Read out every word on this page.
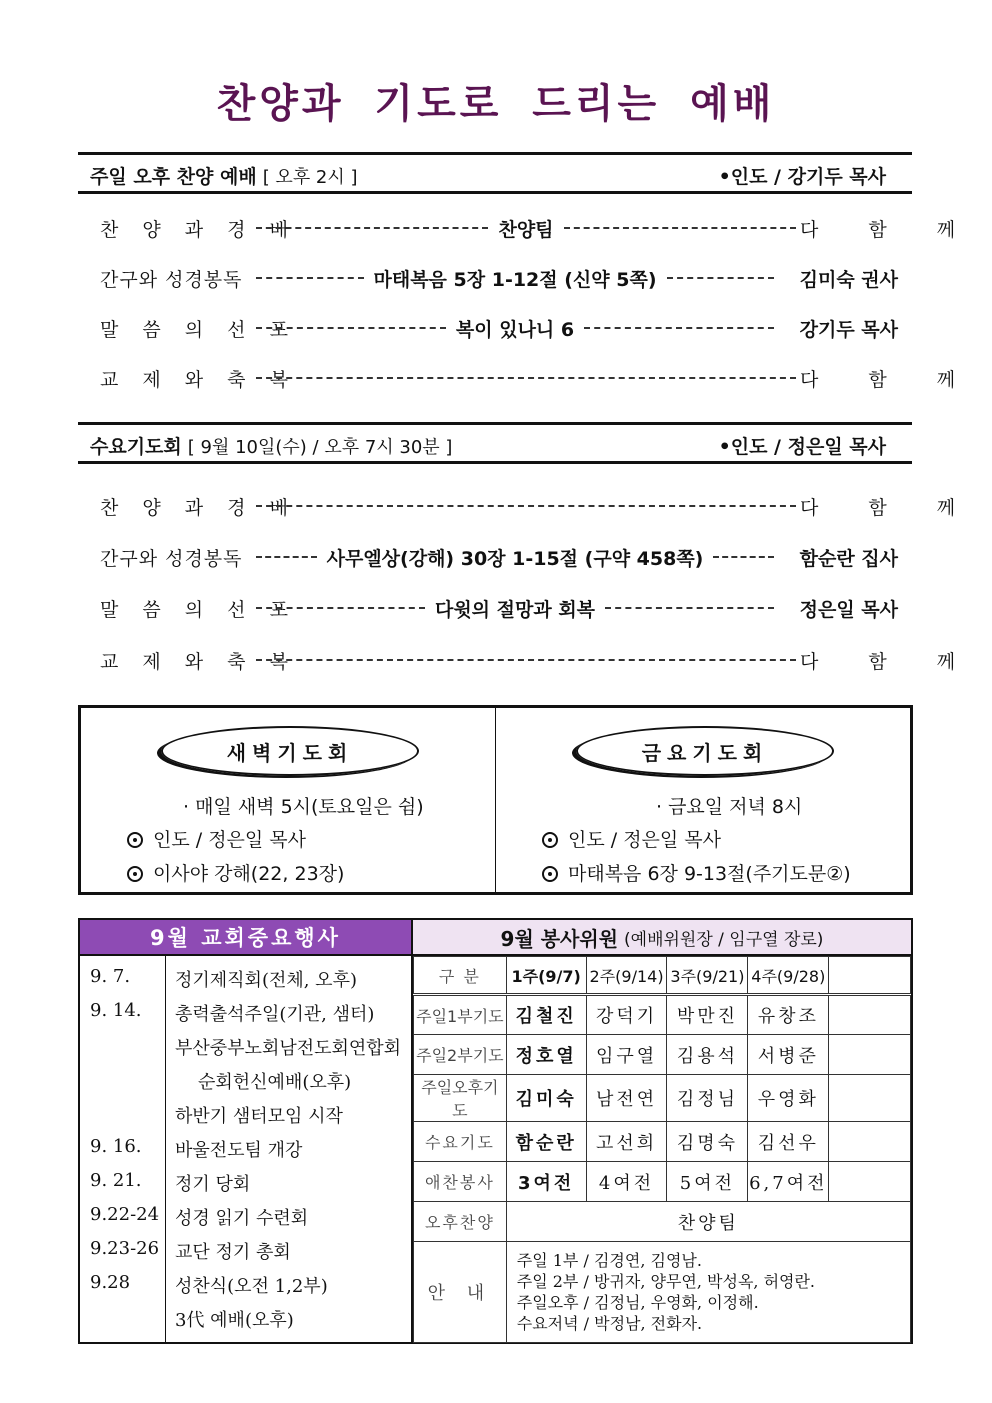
찬양과 기도로 드리는 예배
주일 오후 찬양 예배 [ 오후 2시 ]	•인도 / 강기두 목사
찬 양 과 경 배	찬양팀	다 함 께
간구와 성경봉독	마태복음 5장 1-12절 (신약 5쪽)	김미숙 권사
말 씀 의 선 포	복이 있나니 6	강기두 목사
교 제 와 축 복	다 함 께
수요기도회 [ 9월 10일(수) / 오후 7시 30분 ]	•인도 / 정은일 목사
찬 양 과 경 배	다 함 께
간구와 성경봉독	사무엘상(강해) 30장 1-15절 (구약 458쪽)	함순란 집사
말 씀 의 선 포	다윗의 절망과 회복	정은일 목사
교 제 와 축 복	다 함 께
새벽기도회
· 매일 새벽 5시(토요일은 쉼)
인도 / 정은일 목사
이사야 강해(22, 23장)
금요기도회
· 금요일 저녁 8시
인도 / 정은일 목사
마태복음 6장 9-13절(주기도문②)
9월 교회중요행사
9. 7. 정기제직회(전체, 오후)
9. 14. 총력출석주일(기관, 샘터)
부산중부노회남전도회연합회
순회헌신예배(오후)
하반기 샘터모임 시작
9. 16. 바울전도팀 개강
9. 21. 정기 당회
9.22-24 성경 읽기 수련회
9.23-26 교단 정기 총회
9.28 성찬식(오전 1,2부)
3代 예배(오후)
9월 봉사위원 (예배위원장 / 임구열 장로)
구 분	1주(9/7)	2주(9/14)	3주(9/21)	4주(9/28)	
주일1부기도	김철진	강덕기	박만진	유창조	
주일2부기도	정호열	임구열	김용석	서병준	
주일오후기도	김미숙	남전연	김정님	우영화	
수요기도	함순란	고선희	김명숙	김선우	
애찬봉사	3여전	4여전	5여전	6,7여전	
오후찬양	찬양팀				
안 내	주일 1부 / 김경연, 김영남.
주일 2부 / 방귀자, 양무연, 박성옥, 허영란.
주일오후 / 김정님, 우영화, 이정해.
수요저녁 / 박정남, 전화자.				
